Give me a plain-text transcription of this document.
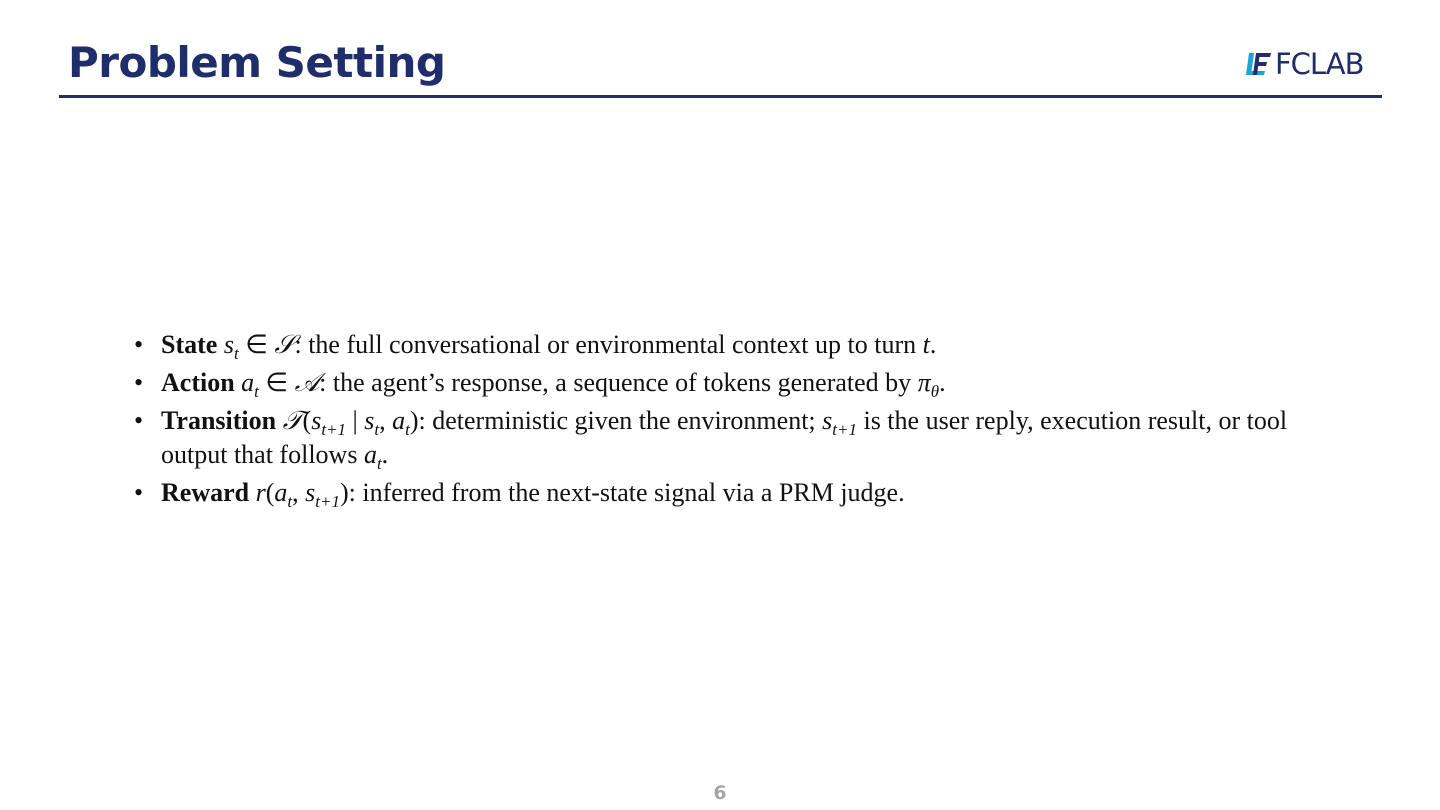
Problem Setting	FCLAB
• State $s_t$ ∈ 𝒮: the full conversational or environmental context up to turn t.
• Action $a_t$ ∈ 𝒜: the agent’s response, a sequence of tokens generated by $\pi_\theta$.
• Transition $𝒯(s_{t+1}$ | $s_t$, $a_t$): deterministic given the environment; $s_{t+1}$ is the user reply, execution result, or tool output that follows $a_t$.
• Reward $r(a_t$, $s_{t+1}$): inferred from the next-state signal via a PRM judge.
6
